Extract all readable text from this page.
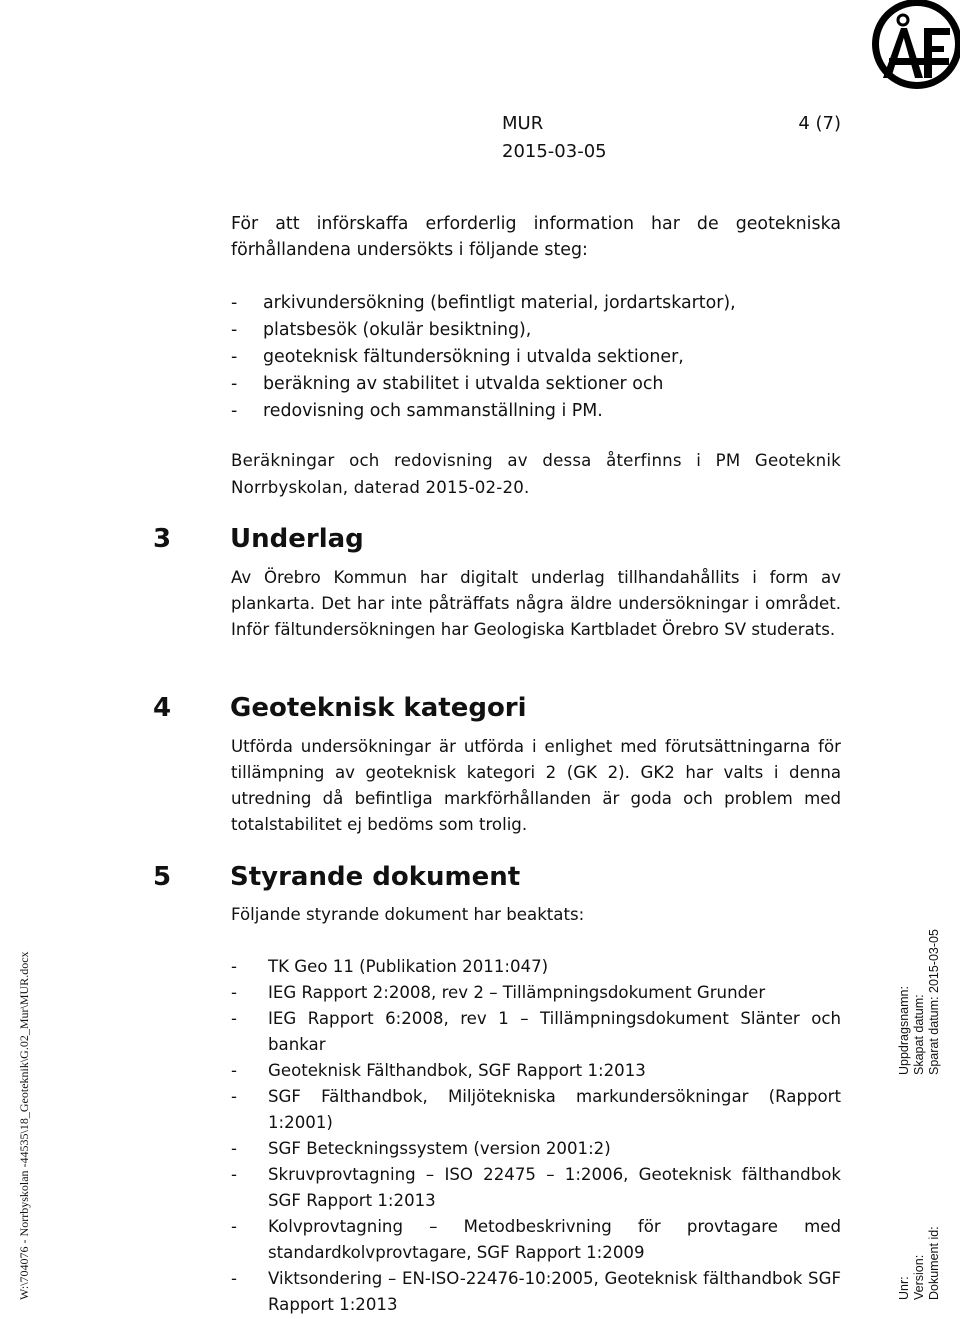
MUR	4 (7)
2015-03-05

För att införskaffa erforderlig information har de geotekniska förhållandena undersökts i följande steg:

- arkivundersökning (befintligt material, jordartskartor),
- platsbesök (okulär besiktning),
- geoteknisk fältundersökning i utvalda sektioner,
- beräkning av stabilitet i utvalda sektioner och
- redovisning och sammanställning i PM.

Beräkningar och redovisning av dessa återfinns i PM Geoteknik Norrbyskolan, daterad 2015-02-20.

3 Underlag

Av Örebro Kommun har digitalt underlag tillhandahållits i form av plankarta. Det har inte påträffats några äldre undersökningar i området. Inför fältundersökningen har Geologiska Kartbladet Örebro SV studerats.

4 Geoteknisk kategori

Utförda undersökningar är utförda i enlighet med förutsättningarna för tillämpning av geoteknisk kategori 2 (GK 2). GK2 har valts i denna utredning då befintliga markförhållanden är goda och problem med totalstabilitet ej bedöms som trolig.

5 Styrande dokument

Följande styrande dokument har beaktats:

- TK Geo 11 (Publikation 2011:047)
- IEG Rapport 2:2008, rev 2 – Tillämpningsdokument Grunder
- IEG Rapport 6:2008, rev 1 – Tillämpningsdokument Slänter och bankar
- Geoteknisk Fälthandbok, SGF Rapport 1:2013
- SGF Fälthandbok, Miljötekniska markundersökningar (Rapport 1:2001)
- SGF Beteckningssystem (version 2001:2)
- Skruvprovtagning – ISO 22475 – 1:2006, Geoteknisk fälthandbok SGF Rapport 1:2013
- Kolvprovtagning – Metodbeskrivning för provtagare med standardkolvprovtagare, SGF Rapport 1:2009
- Viktsondering – EN-ISO-22476-10:2005, Geoteknisk fälthandbok SGF Rapport 1:2013
W:\704076 - Norrbyskolan -44535\18_Geoteknik\G.02_Mur\MUR.docx	Unr:
Uppdragsnamn:
Version:
Skapat datum:
Dokument id:
Sparat datum: 2015-03-05
